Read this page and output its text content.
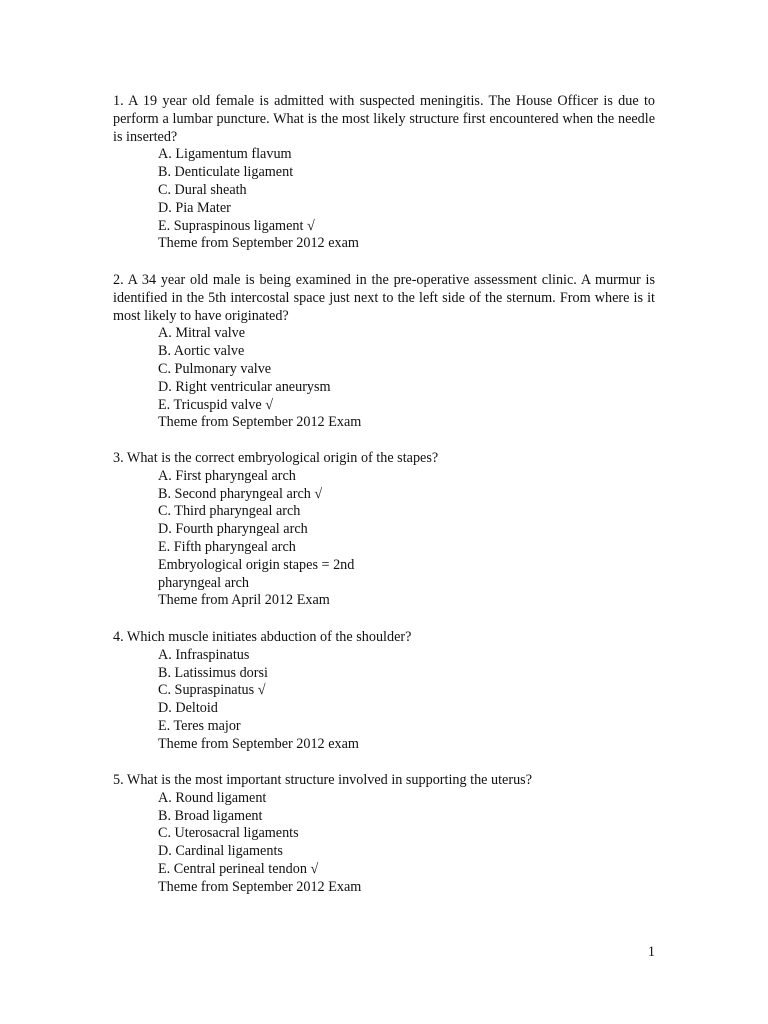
1. A 19 year old female is admitted with suspected meningitis. The House Officer is due to perform a lumbar puncture. What is the most likely structure first encountered when the needle is inserted?

A. Ligamentum flavum

B. Denticulate ligament

C. Dural sheath

D. Pia Mater

E. Supraspinous ligament √

Theme from September 2012 exam

2. A 34 year old male is being examined in the pre-operative assessment clinic. A murmur is identified in the 5th intercostal space just next to the left side of the sternum. From where is it most likely to have originated?

A. Mitral valve

B. Aortic valve

C. Pulmonary valve

D. Right ventricular aneurysm

E. Tricuspid valve √

Theme from September 2012 Exam

3. What is the correct embryological origin of the stapes?

A. First pharyngeal arch

B. Second pharyngeal arch √

C. Third pharyngeal arch

D. Fourth pharyngeal arch

E. Fifth pharyngeal arch

Embryological origin stapes = 2nd

pharyngeal arch

Theme from April 2012 Exam

4. Which muscle initiates abduction of the shoulder?

A. Infraspinatus

B. Latissimus dorsi

C. Supraspinatus √

D. Deltoid

E. Teres major

Theme from September 2012 exam

5. What is the most important structure involved in supporting the uterus?

A. Round ligament

B. Broad ligament

C. Uterosacral ligaments

D. Cardinal ligaments

E. Central perineal tendon √

Theme from September 2012 Exam

1
